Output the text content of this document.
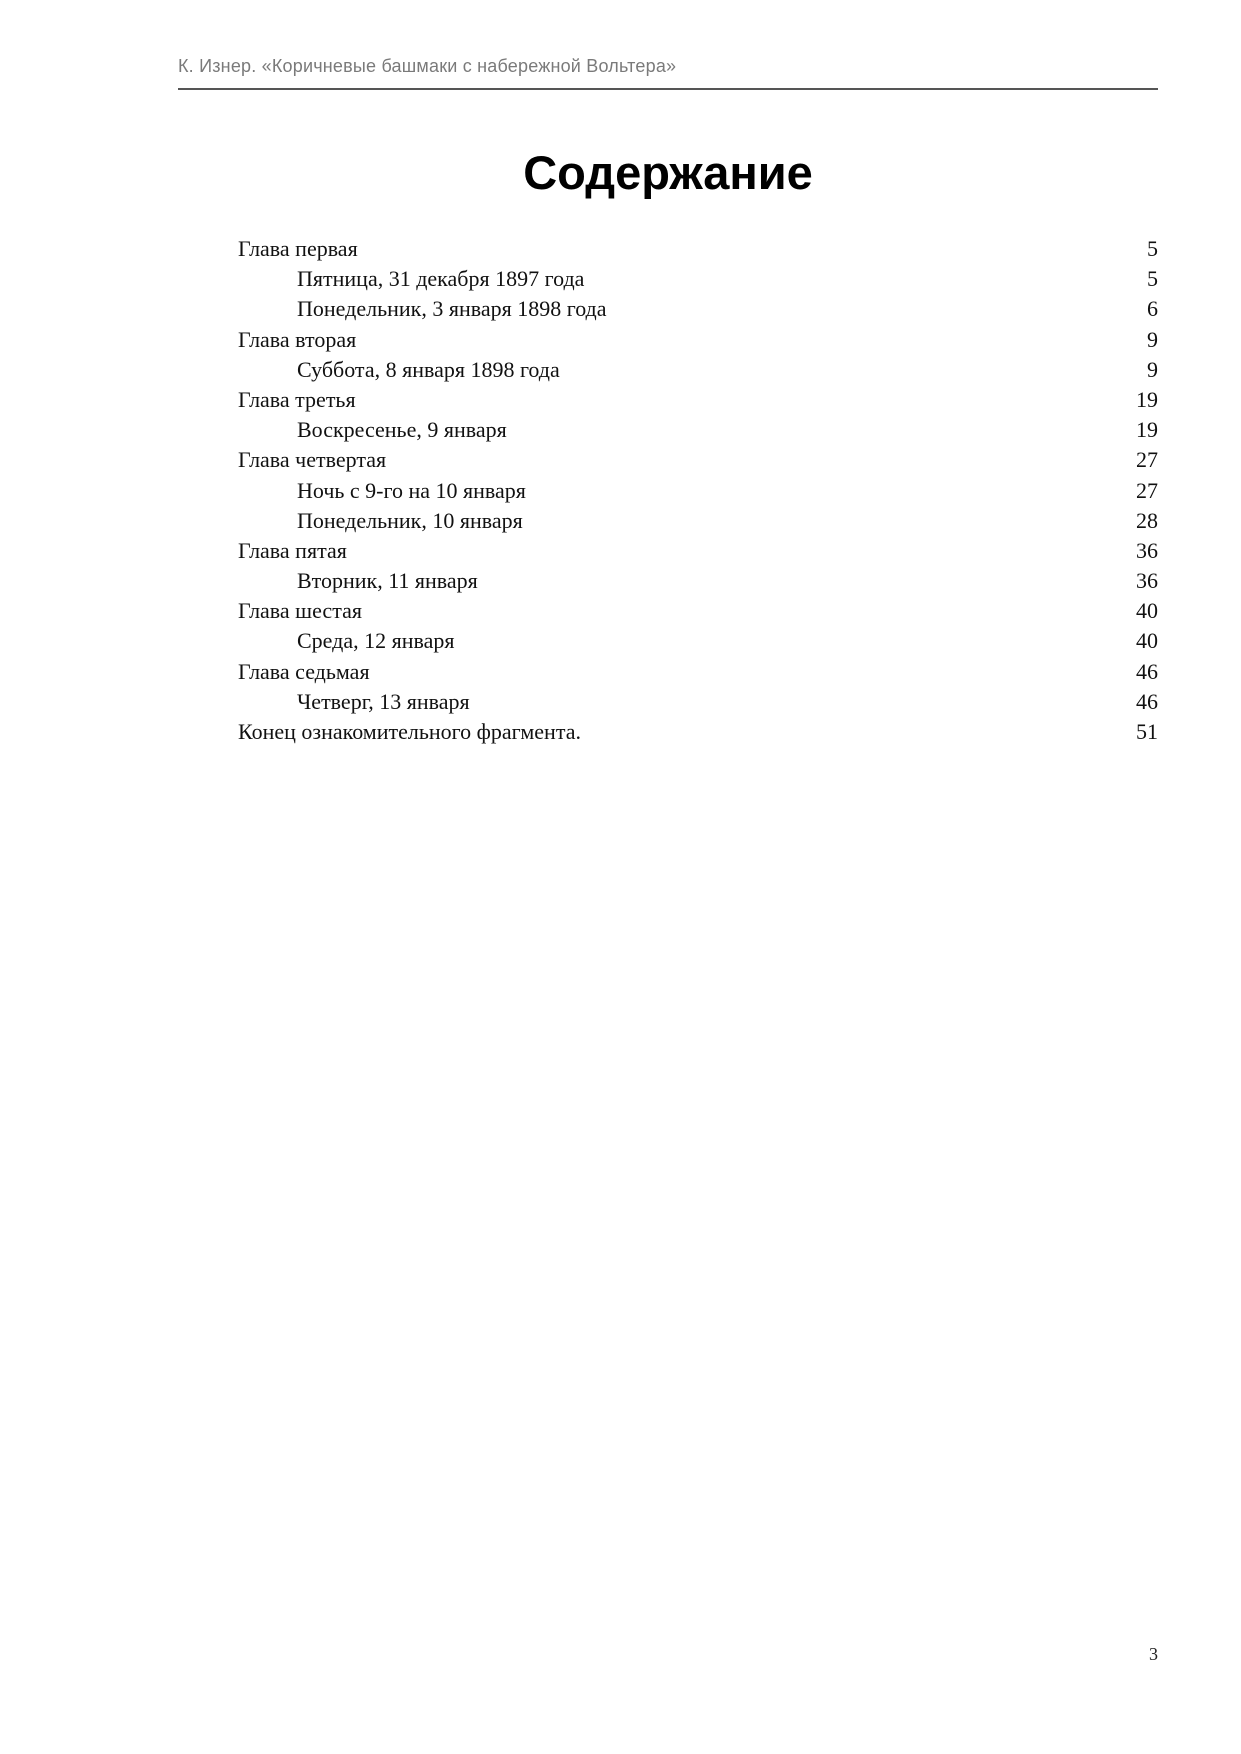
К. Изнер. «Коричневые башмаки с набережной Вольтера»
Содержание
Глава первая	5
Пятница, 31 декабря 1897 года	5
Понедельник, 3 января 1898 года	6
Глава вторая	9
Суббота, 8 января 1898 года	9
Глава третья	19
Воскресенье, 9 января	19
Глава четвертая	27
Ночь с 9-го на 10 января	27
Понедельник, 10 января	28
Глава пятая	36
Вторник, 11 января	36
Глава шестая	40
Среда, 12 января	40
Глава седьмая	46
Четверг, 13 января	46
Конец ознакомительного фрагмента.	51
3
